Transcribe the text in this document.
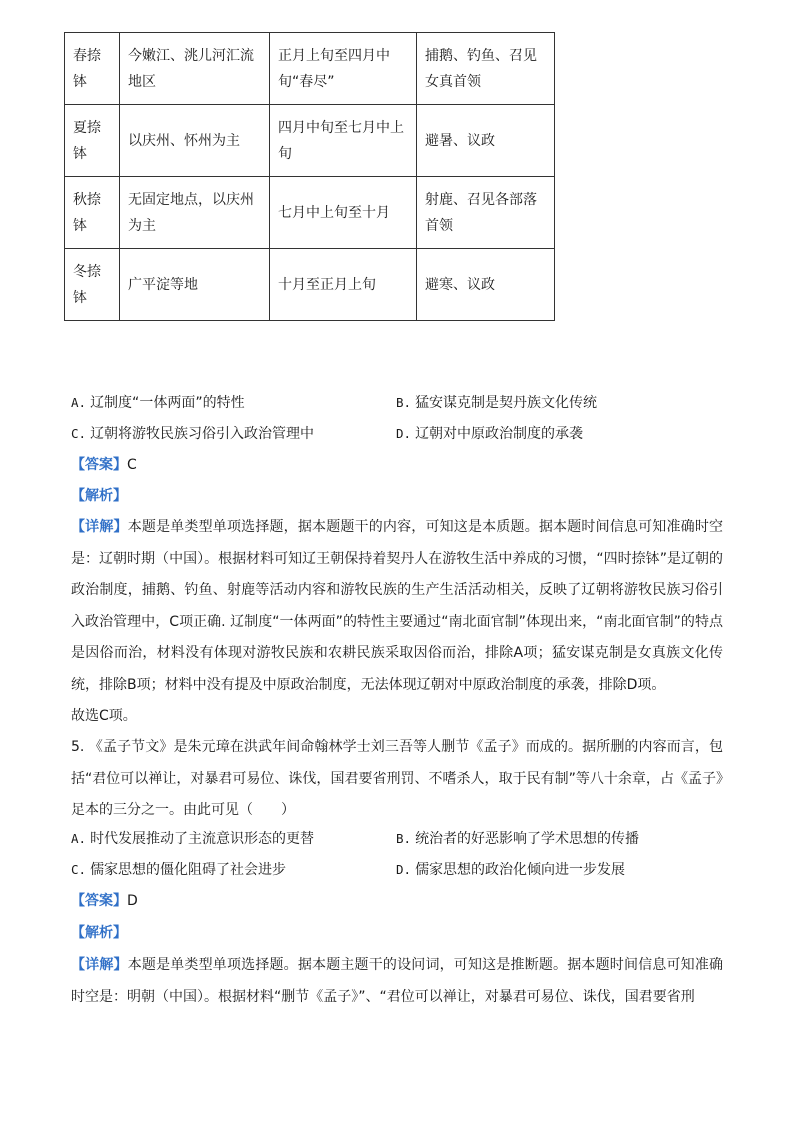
春捺钵	今嫩江、洮儿河汇流地区	正月上旬至四月中旬“春尽”	捕鹅、钓鱼、召见女真首领
夏捺钵	以庆州、怀州为主	四月中旬至七月中上旬	避暑、议政
秋捺钵	无固定地点，以庆州为主	七月中上旬至十月	射鹿、召见各部落首领
冬捺钵	广平淀等地	十月至正月上旬	避寒、议政
A. 辽制度“一体两面”的特性	B. 猛安谋克制是契丹族文化传统
C. 辽朝将游牧民族习俗引入政治管理中	D. 辽朝对中原政治制度的承袭
【答案】C
【解析】

【详解】本题是单类型单项选择题，据本题题干的内容，可知这是本质题。据本题时间信息可知准确时空是：辽朝时期（中国）。根据材料可知辽王朝保持着契丹人在游牧生活中养成的习惯，“四时捺钵”是辽朝的政治制度，捕鹅、钓鱼、射鹿等活动内容和游牧民族的生产生活活动相关，反映了辽朝将游牧民族习俗引入政治管理中，C项正确. 辽制度“一体两面”的特性主要通过“南北面官制”体现出来，“南北面官制”的特点是因俗而治，材料没有体现对游牧民族和农耕民族采取因俗而治，排除A项；猛安谋克制是女真族文化传统，排除B项；材料中没有提及中原政治制度，无法体现辽朝对中原政治制度的承袭，排除D项。

故选C项。

5. 《孟子节文》是朱元璋在洪武年间命翰林学士刘三吾等人删节《孟子》而成的。据所删的内容而言，包括“君位可以禅让，对暴君可易位、诛伐，国君要省刑罚、不嗜杀人，取于民有制”等八十余章，占《孟子》足本的三分之一。由此可见（　　）

A. 时代发展推动了主流意识形态的更替	B. 统治者的好恶影响了学术思想的传播
C. 儒家思想的僵化阻碍了社会进步	D. 儒家思想的政治化倾向进一步发展
【答案】D
【解析】

【详解】本题是单类型单项选择题。据本题主题干的设问词，可知这是推断题。据本题时间信息可知准确时空是：明朝（中国）。根据材料“删节《孟子》”、“君位可以禅让，对暴君可易位、诛伐，国君要省刑
